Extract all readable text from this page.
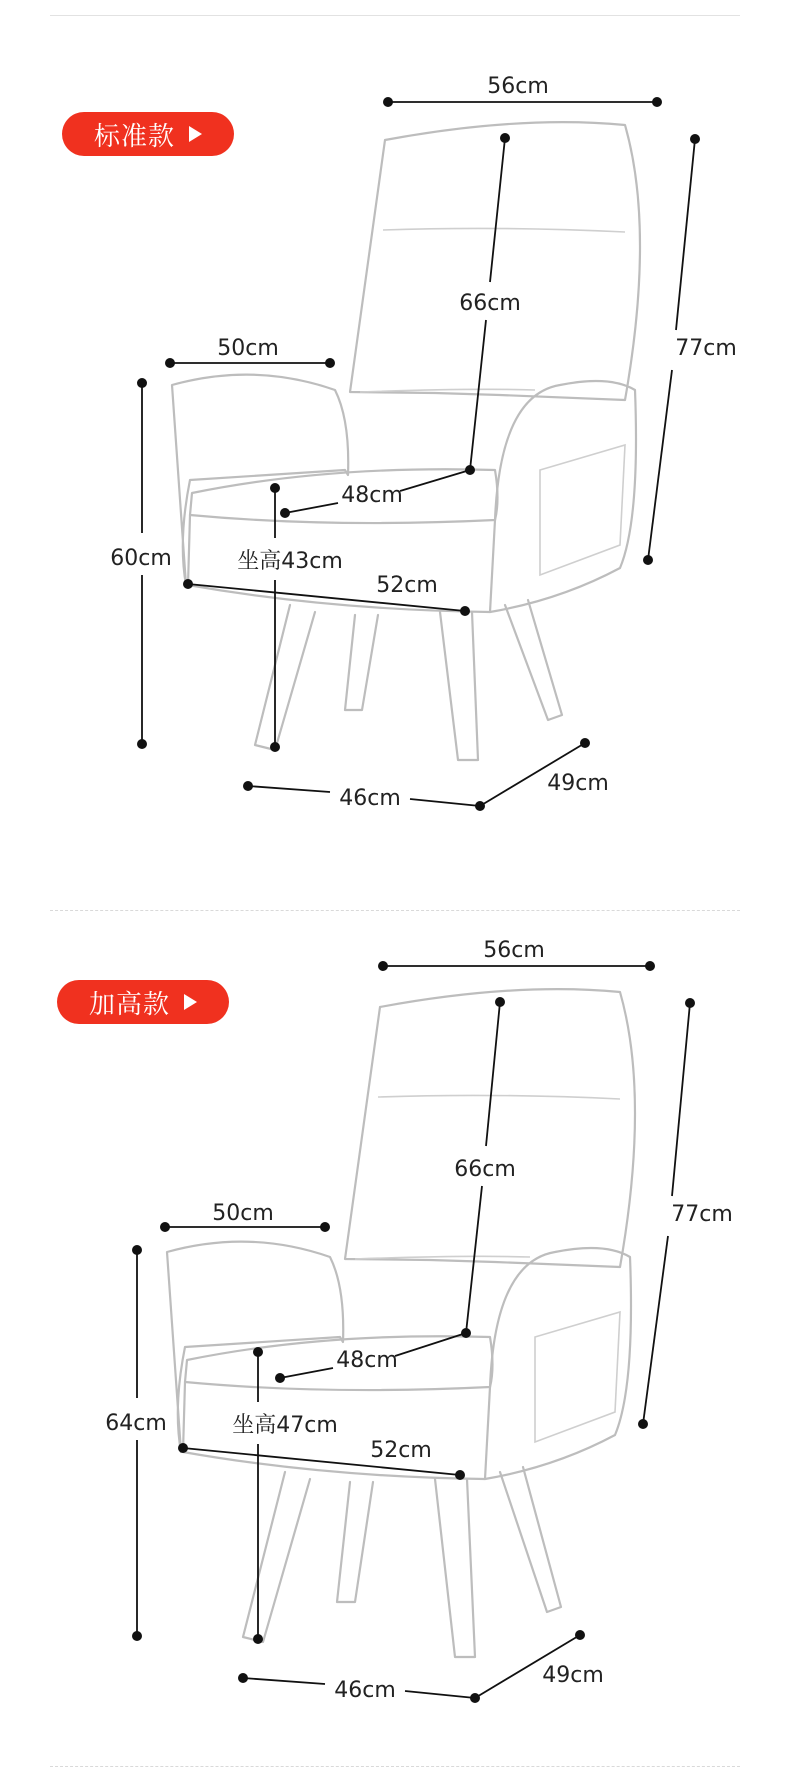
标准款
56cm
66cm
77cm
50cm
60cm
48cm
坐高43cm
52cm
46cm
49cm
加高款
56cm
66cm
77cm
50cm
64cm
48cm
坐高47cm
52cm
46cm
49cm
